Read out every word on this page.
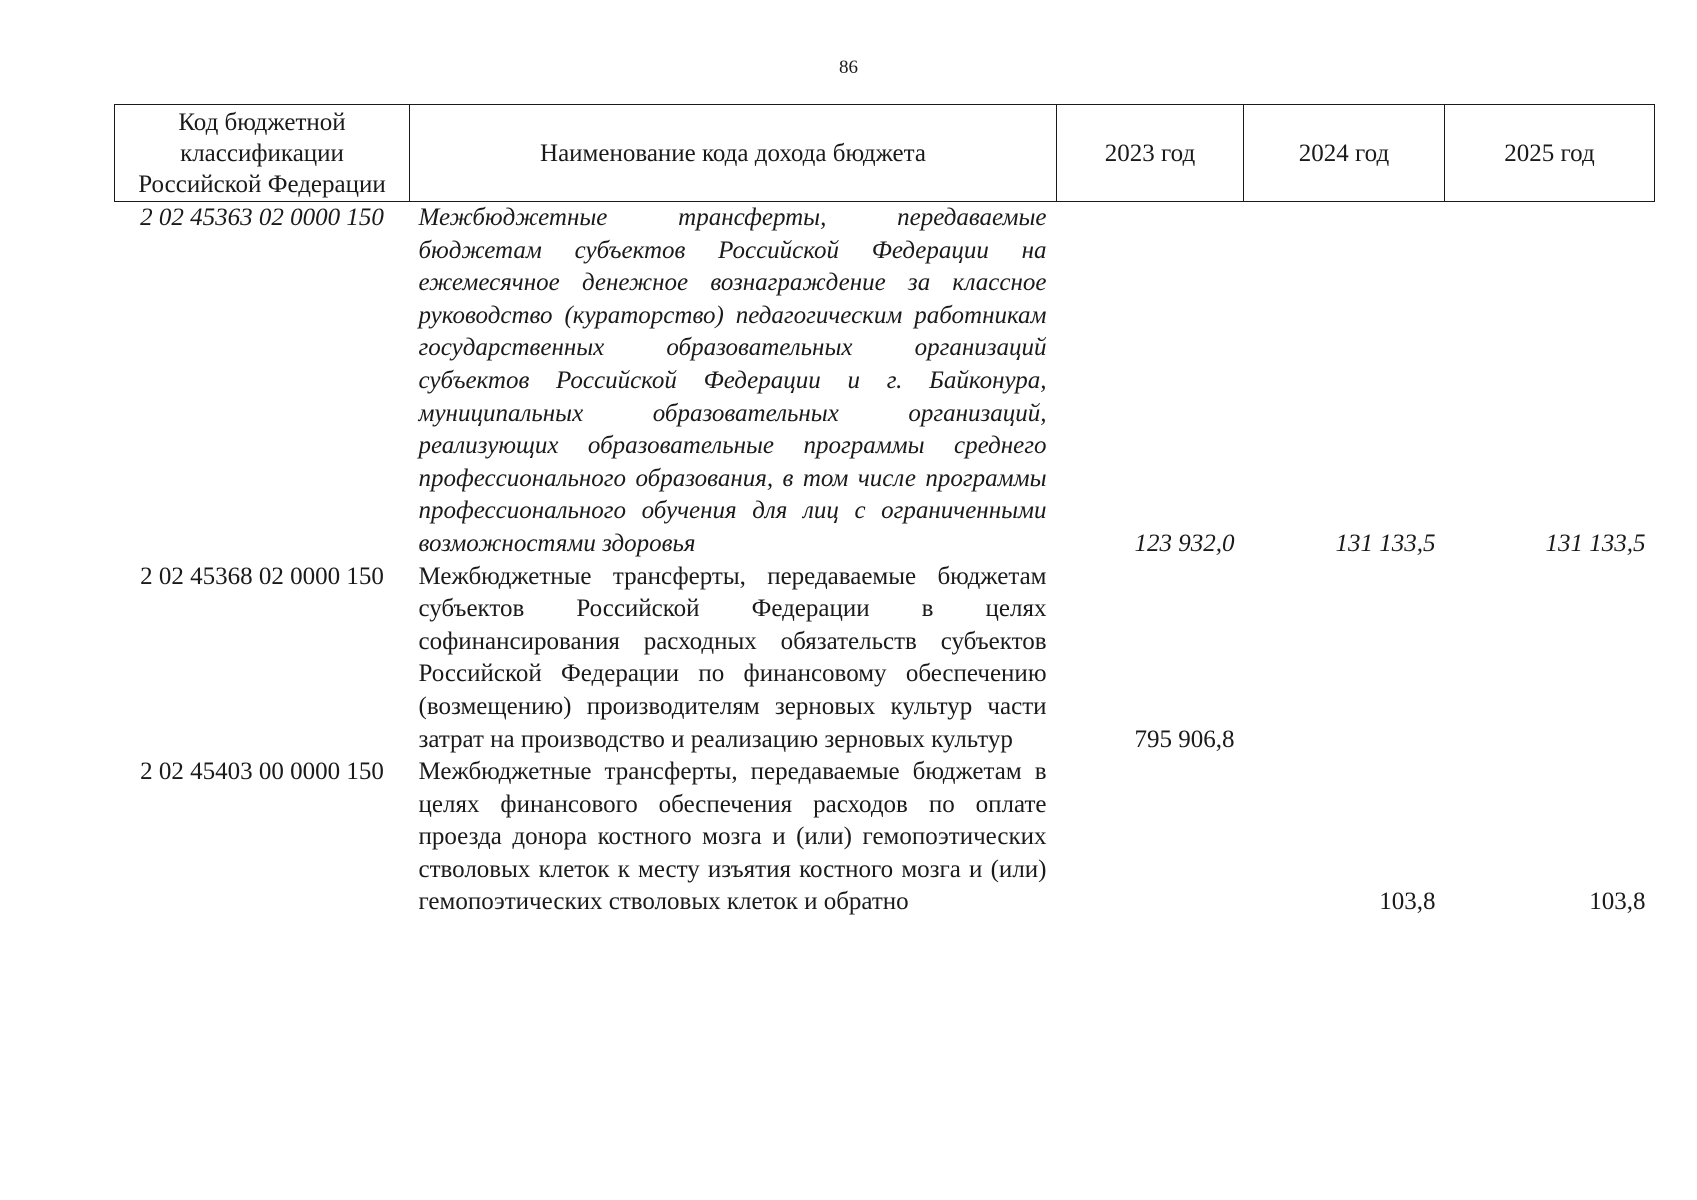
86
Код бюджетной классификации Российской Федерации	Наименование кода дохода бюджета	2023 год	2024 год	2025 год
2 02 45363 02 0000 150	Межбюджетные трансферты, передаваемые бюджетам субъектов Российской Федерации на ежемесячное денежное вознаграждение за классное руководство (кураторство) педагогическим работникам государственных образовательных организаций субъектов Российской Федерации и г. Байконура, муниципальных образовательных организаций, реализующих образовательные программы среднего профессионального образования, в том числе программы профессионального обучения для лиц с ограниченными возможностями здоровья	123 932,0	131 133,5	131 133,5
2 02 45368 02 0000 150	Межбюджетные трансферты, передаваемые бюджетам субъектов Российской Федерации в целях софинансирования расходных обязательств субъектов Российской Федерации по финансовому обеспечению (возмещению) производителям зерновых культур части затрат на производство и реализацию зерновых культур	795 906,8		
2 02 45403 00 0000 150	Межбюджетные трансферты, передаваемые бюджетам в целях финансового обеспечения расходов по оплате проезда донора костного мозга и (или) гемопоэтических стволовых клеток к месту изъятия костного мозга и (или) гемопоэтических стволовых клеток и обратно		103,8	103,8
